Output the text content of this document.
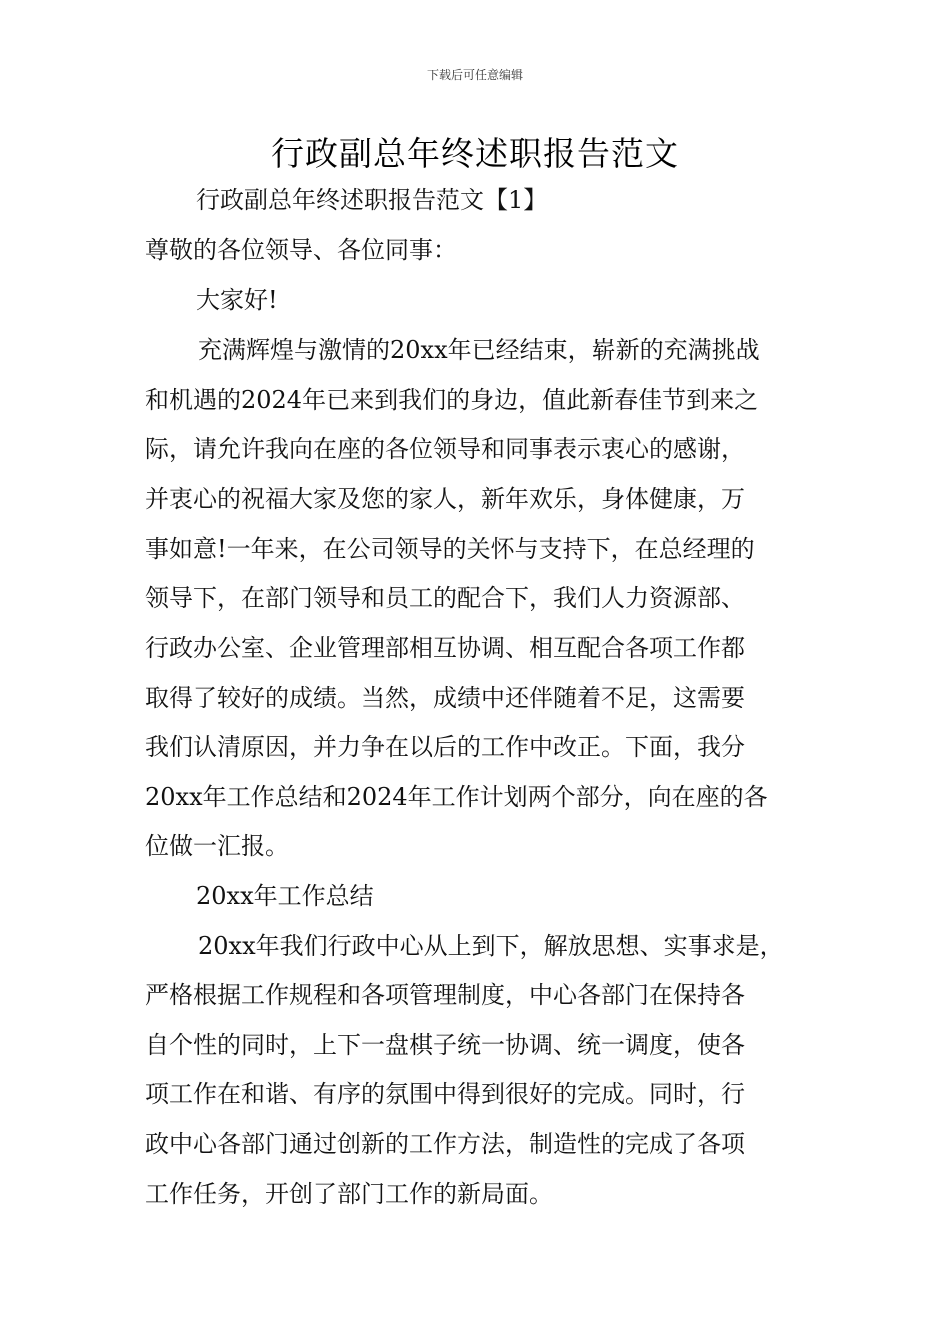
下载后可任意编辑
行政副总年终述职报告范文
行政副总年终述职报告范文【1】
尊敬的各位领导、各位同事：
大家好!
充满辉煌与激情的20xx年已经结束，崭新的充满挑战
和机遇的2024年已来到我们的身边，值此新春佳节到来之
际，请允许我向在座的各位领导和同事表示衷心的感谢，
并衷心的祝福大家及您的家人，新年欢乐，身体健康，万
事如意!一年来，在公司领导的关怀与支持下，在总经理的
领导下，在部门领导和员工的配合下，我们人力资源部、
行政办公室、企业管理部相互协调、相互配合各项工作都
取得了较好的成绩。当然，成绩中还伴随着不足，这需要
我们认清原因，并力争在以后的工作中改正。下面，我分
20xx年工作总结和2024年工作计划两个部分，向在座的各
位做一汇报。
20xx年工作总结
20xx年我们行政中心从上到下，解放思想、实事求是，
严格根据工作规程和各项管理制度，中心各部门在保持各
自个性的同时，上下一盘棋子统一协调、统一调度，使各
项工作在和谐、有序的氛围中得到很好的完成。同时，行
政中心各部门通过创新的工作方法，制造性的完成了各项
工作任务，开创了部门工作的新局面。
